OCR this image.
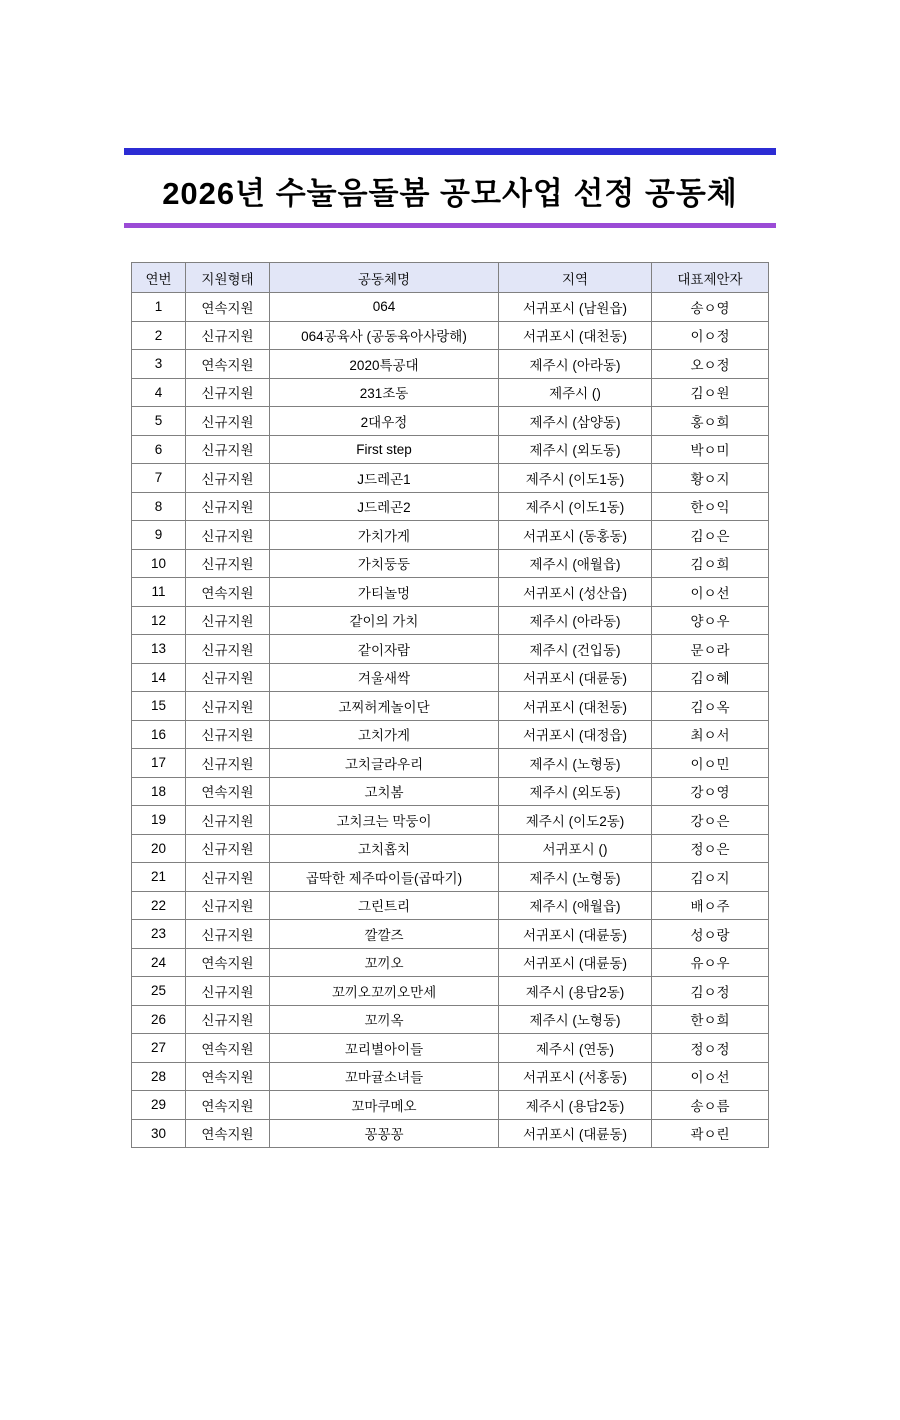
2026년 수눌음돌봄 공모사업 선정 공동체
연번	지원형태	공동체명	지역	대표제안자
1	연속지원	064	서귀포시 (남원읍)	송ㅇ영
2	신규지원	064공육사 (공동육아사랑해)	서귀포시 (대천동)	이ㅇ정
3	연속지원	2020특공대	제주시 (아라동)	오ㅇ정
4	신규지원	231조동	제주시 ()	김ㅇ원
5	신규지원	2대우정	제주시 (삼양동)	홍ㅇ희
6	신규지원	First step	제주시 (외도동)	박ㅇ미
7	신규지원	J드레곤1	제주시 (이도1동)	황ㅇ지
8	신규지원	J드레곤2	제주시 (이도1동)	한ㅇ익
9	신규지원	가치가게	서귀포시 (동홍동)	김ㅇ은
10	신규지원	가치둥둥	제주시 (애월읍)	김ㅇ희
11	연속지원	가티놀멍	서귀포시 (성산읍)	이ㅇ선
12	신규지원	같이의 가치	제주시 (아라동)	양ㅇ우
13	신규지원	같이자람	제주시 (건입동)	문ㅇ라
14	신규지원	겨울새싹	서귀포시 (대륜동)	김ㅇ혜
15	신규지원	고찌허게놀이단	서귀포시 (대천동)	김ㅇ옥
16	신규지원	고치가게	서귀포시 (대정읍)	최ㅇ서
17	신규지원	고치글라우리	제주시 (노형동)	이ㅇ민
18	연속지원	고치봄	제주시 (외도동)	강ㅇ영
19	신규지원	고치크는 막둥이	제주시 (이도2동)	강ㅇ은
20	신규지원	고치홉치	서귀포시 ()	정ㅇ은
21	신규지원	곱딱한 제주따이들(곱따기)	제주시 (노형동)	김ㅇ지
22	신규지원	그린트리	제주시 (애월읍)	배ㅇ주
23	신규지원	깔깔즈	서귀포시 (대륜동)	성ㅇ랑
24	연속지원	꼬끼오	서귀포시 (대륜동)	유ㅇ우
25	신규지원	꼬끼오꼬끼오만세	제주시 (용담2동)	김ㅇ정
26	신규지원	꼬끼옥	제주시 (노형동)	한ㅇ희
27	연속지원	꼬리별아이들	제주시 (연동)	정ㅇ정
28	연속지원	꼬마귤소녀들	서귀포시 (서홍동)	이ㅇ선
29	연속지원	꼬마쿠메오	제주시 (용담2동)	송ㅇ름
30	연속지원	꽁꽁꽁	서귀포시 (대륜동)	곽ㅇ린
